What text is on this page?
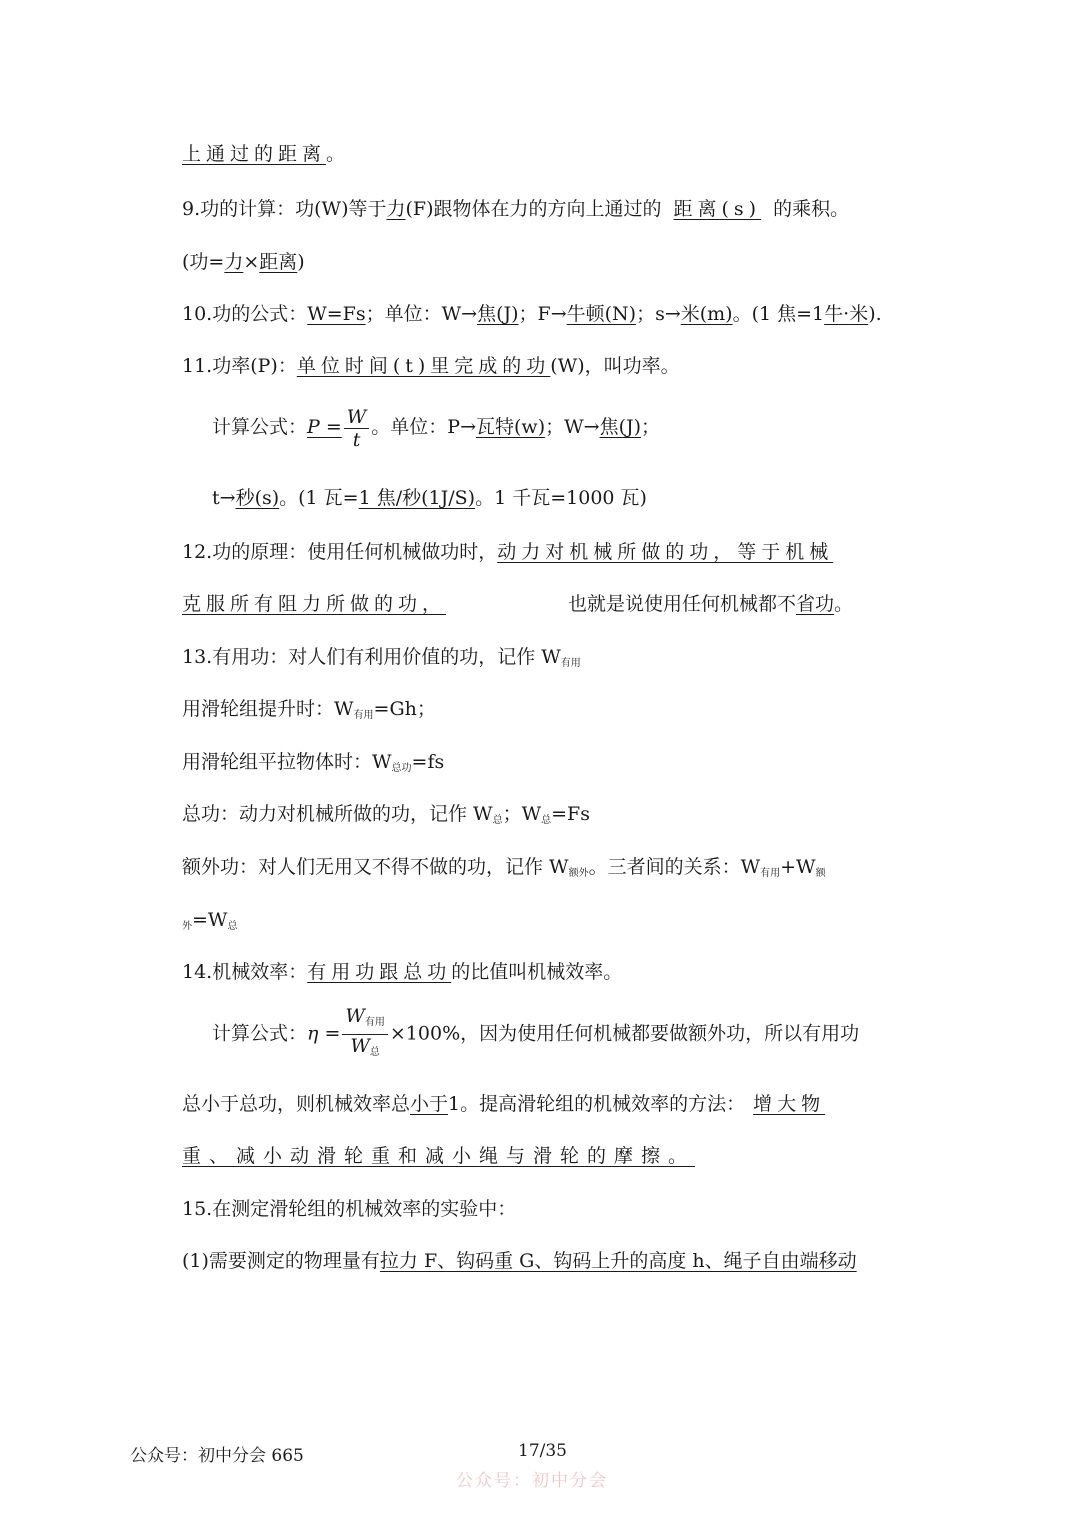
上通过的距离。
9.功的计算：功(W)等于力(F)跟物体在力的方向上通过的 距离(s) 的乘积。
(功=力×距离)
10.功的公式：W=Fs；单位：W→焦(J)；F→牛顿(N)；s→米(m)。(1 焦=1牛·米).
11.功率(P)：单位时间(t)里完成的功(W)，叫功率。
计算公式：$P = \frac{W}{t}$ 。单位：P→瓦特(w)；W→焦(J)；
t→秒(s)。(1 瓦=1 焦/秒(1J/S)。1 千瓦=1000 瓦)
12.功的原理：使用任何机械做功时，动力对机械所做的功，等于机械
克服所有阻力所做的功，	也就是说使用任何机械都不省功。
13.有用功：对人们有利用价值的功，记作 $W_{有用}$
用滑轮组提升时：$W_{有用}=Gh$；
用滑轮组平拉物体时：$W_{总功}=fs$
总功：动力对机械所做的功，记作 $W_总$；$W_总=Fs$
额外功：对人们无用又不得不做的功，记作 $W_{额外}$。三者间的关系：$W_{有用}+W_额$
$_外=W_总$
14.机械效率：有用功跟总功的比值叫机械效率。
计算公式：$\eta = \frac{W_{有用}}{W_总} \times 100\%$，因为使用任何机械都要做额外功，所以有用功
总小于总功，则机械效率总小于1。提高滑轮组的机械效率的方法： 增大物
重、减小动滑轮重和减小绳与滑轮的摩擦。
15.在测定滑轮组的机械效率的实验中：
(1)需要测定的物理量有拉力 F、钩码重 G、钩码上升的高度 h、绳子自由端移动
公众号：初中分会 665	17/35
公众号：初中分会
